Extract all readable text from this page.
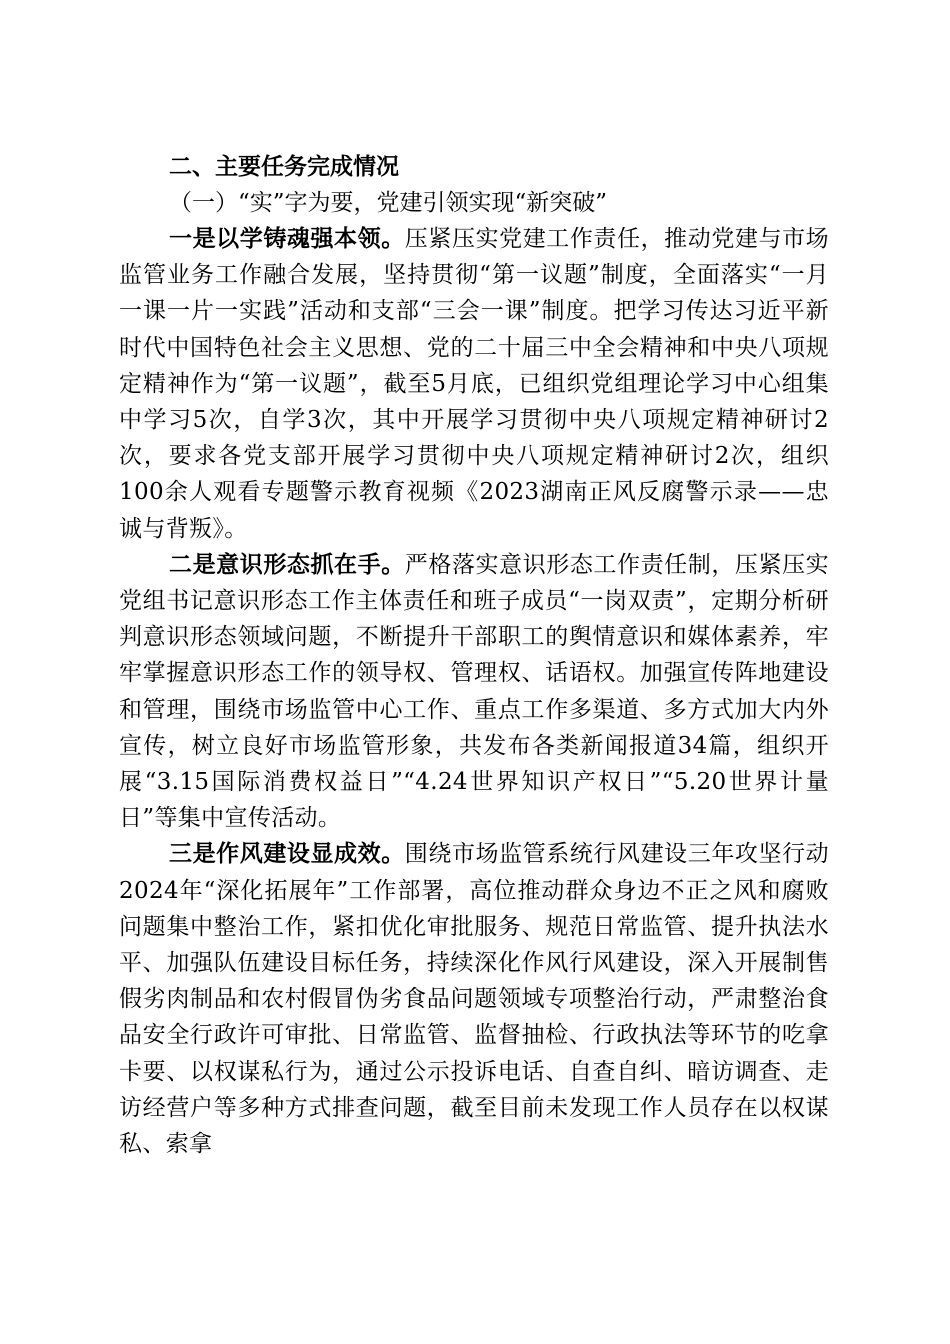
二、主要任务完成情况

（一）“实”字为要，党建引领实现“新突破”

一是以学铸魂强本领。压紧压实党建工作责任，推动党建与市场监管业务工作融合发展，坚持贯彻“第一议题”制度，全面落实“一月一课一片一实践”活动和支部“三会一课”制度。把学习传达习近平新时代中国特色社会主义思想、党的二十届三中全会精神和中央八项规定精神作为“第一议题”，截至5月底，已组织党组理论学习中心组集中学习5次，自学3次，其中开展学习贯彻中央八项规定精神研讨2次，要求各党支部开展学习贯彻中央八项规定精神研讨2次，组织100余人观看专题警示教育视频《2023湖南正风反腐警示录——忠诚与背叛》。

二是意识形态抓在手。严格落实意识形态工作责任制，压紧压实党组书记意识形态工作主体责任和班子成员“一岗双责”，定期分析研判意识形态领域问题，不断提升干部职工的舆情意识和媒体素养，牢牢掌握意识形态工作的领导权、管理权、话语权。加强宣传阵地建设和管理，围绕市场监管中心工作、重点工作多渠道、多方式加大内外宣传，树立良好市场监管形象，共发布各类新闻报道34篇，组织开展“3.15国际消费权益日”“4.24世界知识产权日”“5.20世界计量日”等集中宣传活动。

三是作风建设显成效。围绕市场监管系统行风建设三年攻坚行动2024年“深化拓展年”工作部署，高位推动群众身边不正之风和腐败问题集中整治工作，紧扣优化审批服务、规范日常监管、提升执法水平、加强队伍建设目标任务，持续深化作风行风建设，深入开展制售假劣肉制品和农村假冒伪劣食品问题领域专项整治行动，严肃整治食品安全行政许可审批、日常监管、监督抽检、行政执法等环节的吃拿卡要、以权谋私行为，通过公示投诉电话、自查自纠、暗访调查、走访经营户等多种方式排查问题，截至目前未发现工作人员存在以权谋私、索拿
